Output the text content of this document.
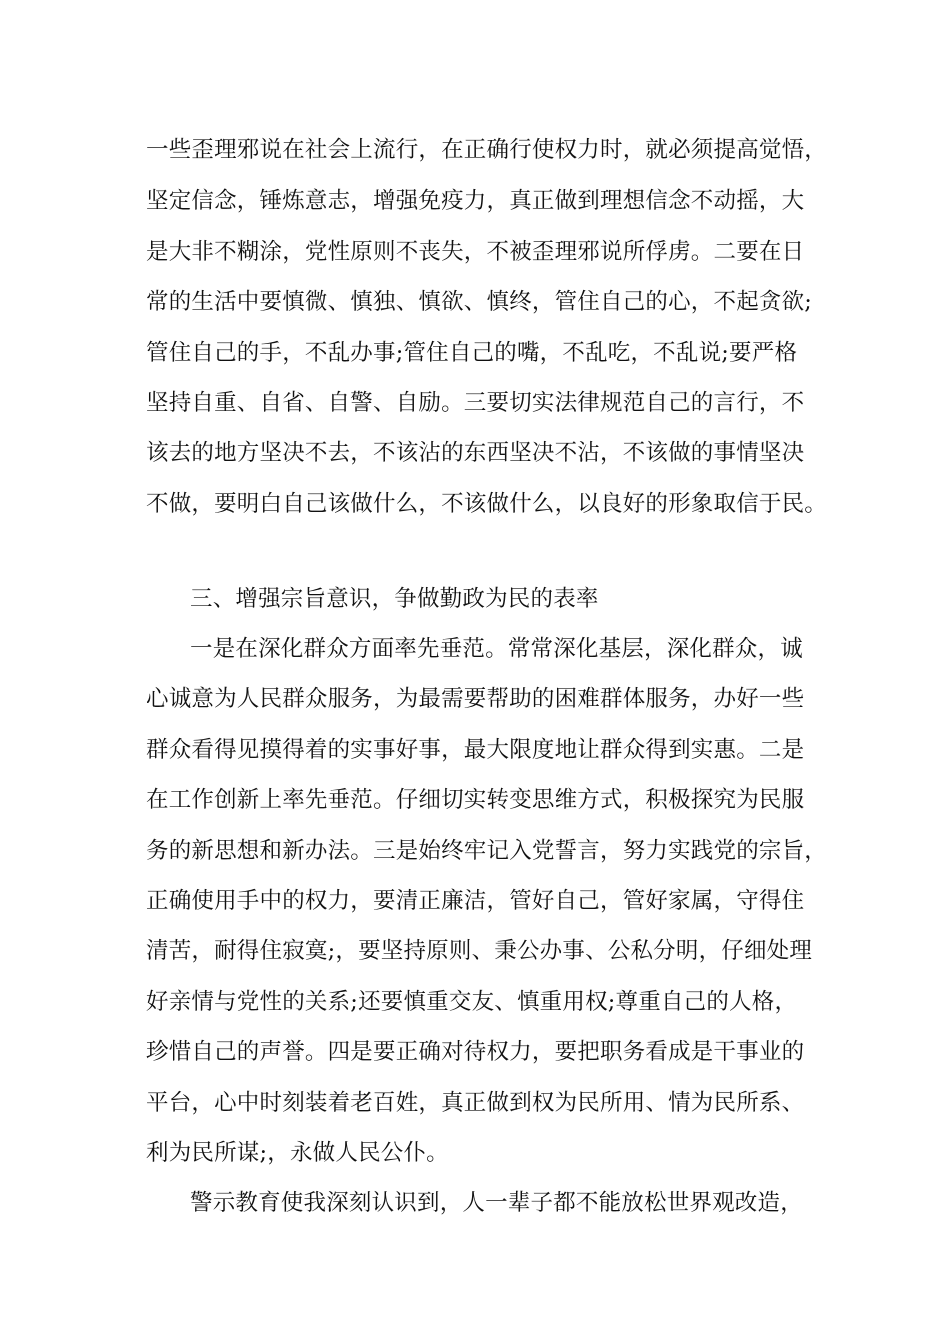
一些歪理邪说在社会上流行，在正确行使权力时，就必须提高觉悟，
坚定信念，锤炼意志，增强免疫力，真正做到理想信念不动摇，大
是大非不糊涂，党性原则不丧失，不被歪理邪说所俘虏。二要在日
常的生活中要慎微、慎独、慎欲、慎终，管住自己的心，不起贪欲;
管住自己的手，不乱办事;管住自己的嘴，不乱吃，不乱说;要严格
坚持自重、自省、自警、自励。三要切实法律规范自己的言行，不
该去的地方坚决不去，不该沾的东西坚决不沾，不该做的事情坚决
不做，要明白自己该做什么，不该做什么，以良好的形象取信于民。
三、增强宗旨意识，争做勤政为民的表率
一是在深化群众方面率先垂范。常常深化基层，深化群众，诚
心诚意为人民群众服务，为最需要帮助的困难群体服务，办好一些
群众看得见摸得着的实事好事，最大限度地让群众得到实惠。二是
在工作创新上率先垂范。仔细切实转变思维方式，积极探究为民服
务的新思想和新办法。三是始终牢记入党誓言，努力实践党的宗旨，
正确使用手中的权力，要清正廉洁，管好自己，管好家属，守得住
清苦，耐得住寂寞;，要坚持原则、秉公办事、公私分明，仔细处理
好亲情与党性的关系;还要慎重交友、慎重用权;尊重自己的人格，
珍惜自己的声誉。四是要正确对待权力，要把职务看成是干事业的
平台，心中时刻装着老百姓，真正做到权为民所用、情为民所系、
利为民所谋;，永做人民公仆。
警示教育使我深刻认识到，人一辈子都不能放松世界观改造，
